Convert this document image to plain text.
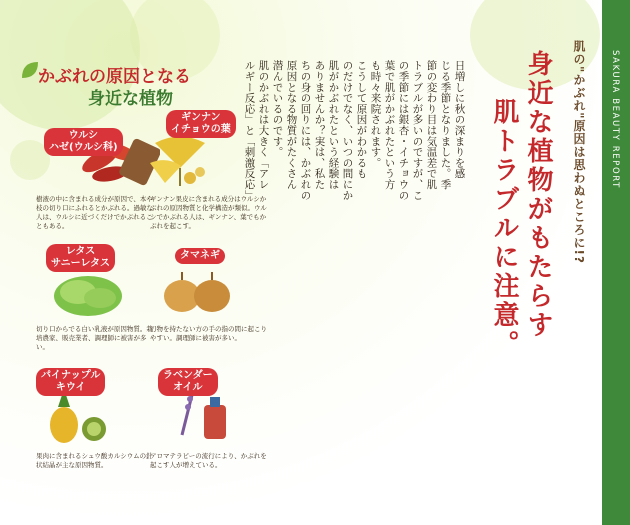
SAKURA BEAUTY REPORT
肌の"かぶれ"原因は思わぬところに!?
身近な植物がもたらす
肌トラブルに注意。
日増しに秋の深まりを感
じる季節となりました。季
節の変わり目は気温差で肌
トラブルが多いのですが、こ
の季節には銀杏・イチョウの
葉で肌がかぶれたという方
も時々来院されます。
こうして原因がわかるも
のだけでなく、いつの間にか
肌がかぶれたという経験は
ありませんか？実は、私た
ちの身の回りには、かぶれの
原因となる物質がたくさん
潜んでいるのです。
肌のかぶれは大きく「アレ
ルギー反応」と「刺激反応」
かぶれの原因となる
身近な植物
ウルシ
ハゼ(ウルシ科)
樹液の中に含まれる成分が原因で、本や枝の切り口にふれるとかぶれる。過敏な人は、ウルシに近づくだけでかぶれることもある。
ギンナン
イチョウの葉
ギンナン果皮に含まれる成分はウルシかぶれの原因物質と化学構造が類似。ウルシでかぶれる人は、ギンナン、葉でもかぶれを起こす。
レタス
サニーレタス
切り口からでる白い乳液が原因物質。栽培農家、販売業者、調理師に被害が多い。
タマネギ
刃物を持たない方の手の指の間に起こりやすい。調理師に被害が多い。
パイナップル
キウイ
果肉に含まれるシュウ酸カルシウムの針状結晶が主な原因物質。
ラベンダー
オイル
アロマテラピーの流行により、かぶれを起こす人が増えている。
